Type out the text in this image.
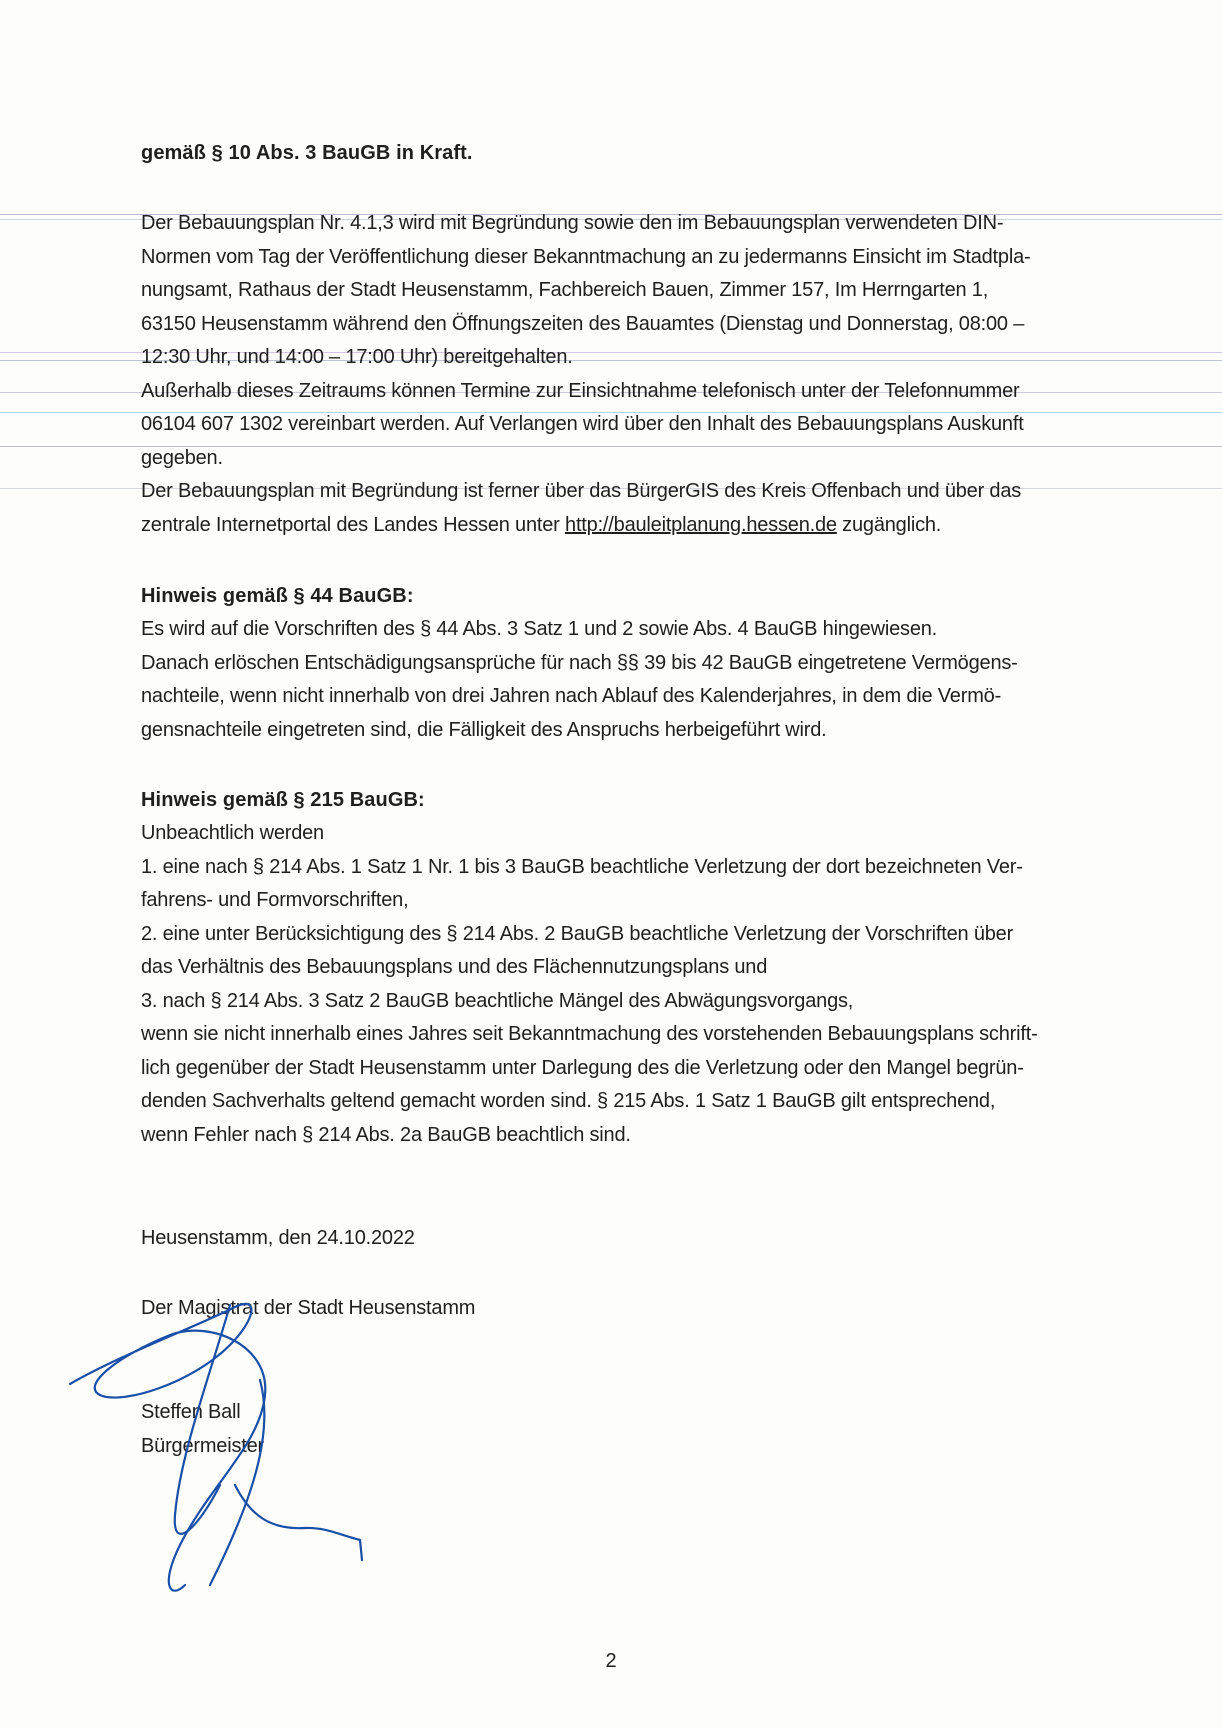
gemäß § 10 Abs. 3 BauGB in Kraft.

Der Bebauungsplan Nr. 4.1,3 wird mit Begründung sowie den im Bebauungsplan verwendeten DIN-

Normen vom Tag der Veröffentlichung dieser Bekanntmachung an zu jedermanns Einsicht im Stadtpla-

nungsamt, Rathaus der Stadt Heusenstamm, Fachbereich Bauen, Zimmer 157, Im Herrngarten 1,

63150 Heusenstamm während den Öffnungszeiten des Bauamtes (Dienstag und Donnerstag, 08:00 –

12:30 Uhr, und 14:00 – 17:00 Uhr) bereitgehalten.

Außerhalb dieses Zeitraums können Termine zur Einsichtnahme telefonisch unter der Telefonnummer

06104 607 1302 vereinbart werden. Auf Verlangen wird über den Inhalt des Bebauungsplans Auskunft

gegeben.

Der Bebauungsplan mit Begründung ist ferner über das BürgerGIS des Kreis Offenbach und über das

zentrale Internetportal des Landes Hessen unter http://bauleitplanung.hessen.de zugänglich.

Hinweis gemäß § 44 BauGB:

Es wird auf die Vorschriften des § 44 Abs. 3 Satz 1 und 2 sowie Abs. 4 BauGB hingewiesen.

Danach erlöschen Entschädigungsansprüche für nach §§ 39 bis 42 BauGB eingetretene Vermögens-

nachteile, wenn nicht innerhalb von drei Jahren nach Ablauf des Kalenderjahres, in dem die Vermö-

gensnachteile eingetreten sind, die Fälligkeit des Anspruchs herbeigeführt wird.

Hinweis gemäß § 215 BauGB:

Unbeachtlich werden

1. eine nach § 214 Abs. 1 Satz 1 Nr. 1 bis 3 BauGB beachtliche Verletzung der dort bezeichneten Ver-

fahrens- und Formvorschriften,

2. eine unter Berücksichtigung des § 214 Abs. 2 BauGB beachtliche Verletzung der Vorschriften über

das Verhältnis des Bebauungsplans und des Flächennutzungsplans und

3. nach § 214 Abs. 3 Satz 2 BauGB beachtliche Mängel des Abwägungsvorgangs,

wenn sie nicht innerhalb eines Jahres seit Bekanntmachung des vorstehenden Bebauungsplans schrift-

lich gegenüber der Stadt Heusenstamm unter Darlegung des die Verletzung oder den Mangel begrün-

denden Sachverhalts geltend gemacht worden sind. § 215 Abs. 1 Satz 1 BauGB gilt entsprechend,

wenn Fehler nach § 214 Abs. 2a BauGB beachtlich sind.

Heusenstamm, den 24.10.2022

Der Magistrat der Stadt Heusenstamm

Steffen Ball

Bürgermeister

2
